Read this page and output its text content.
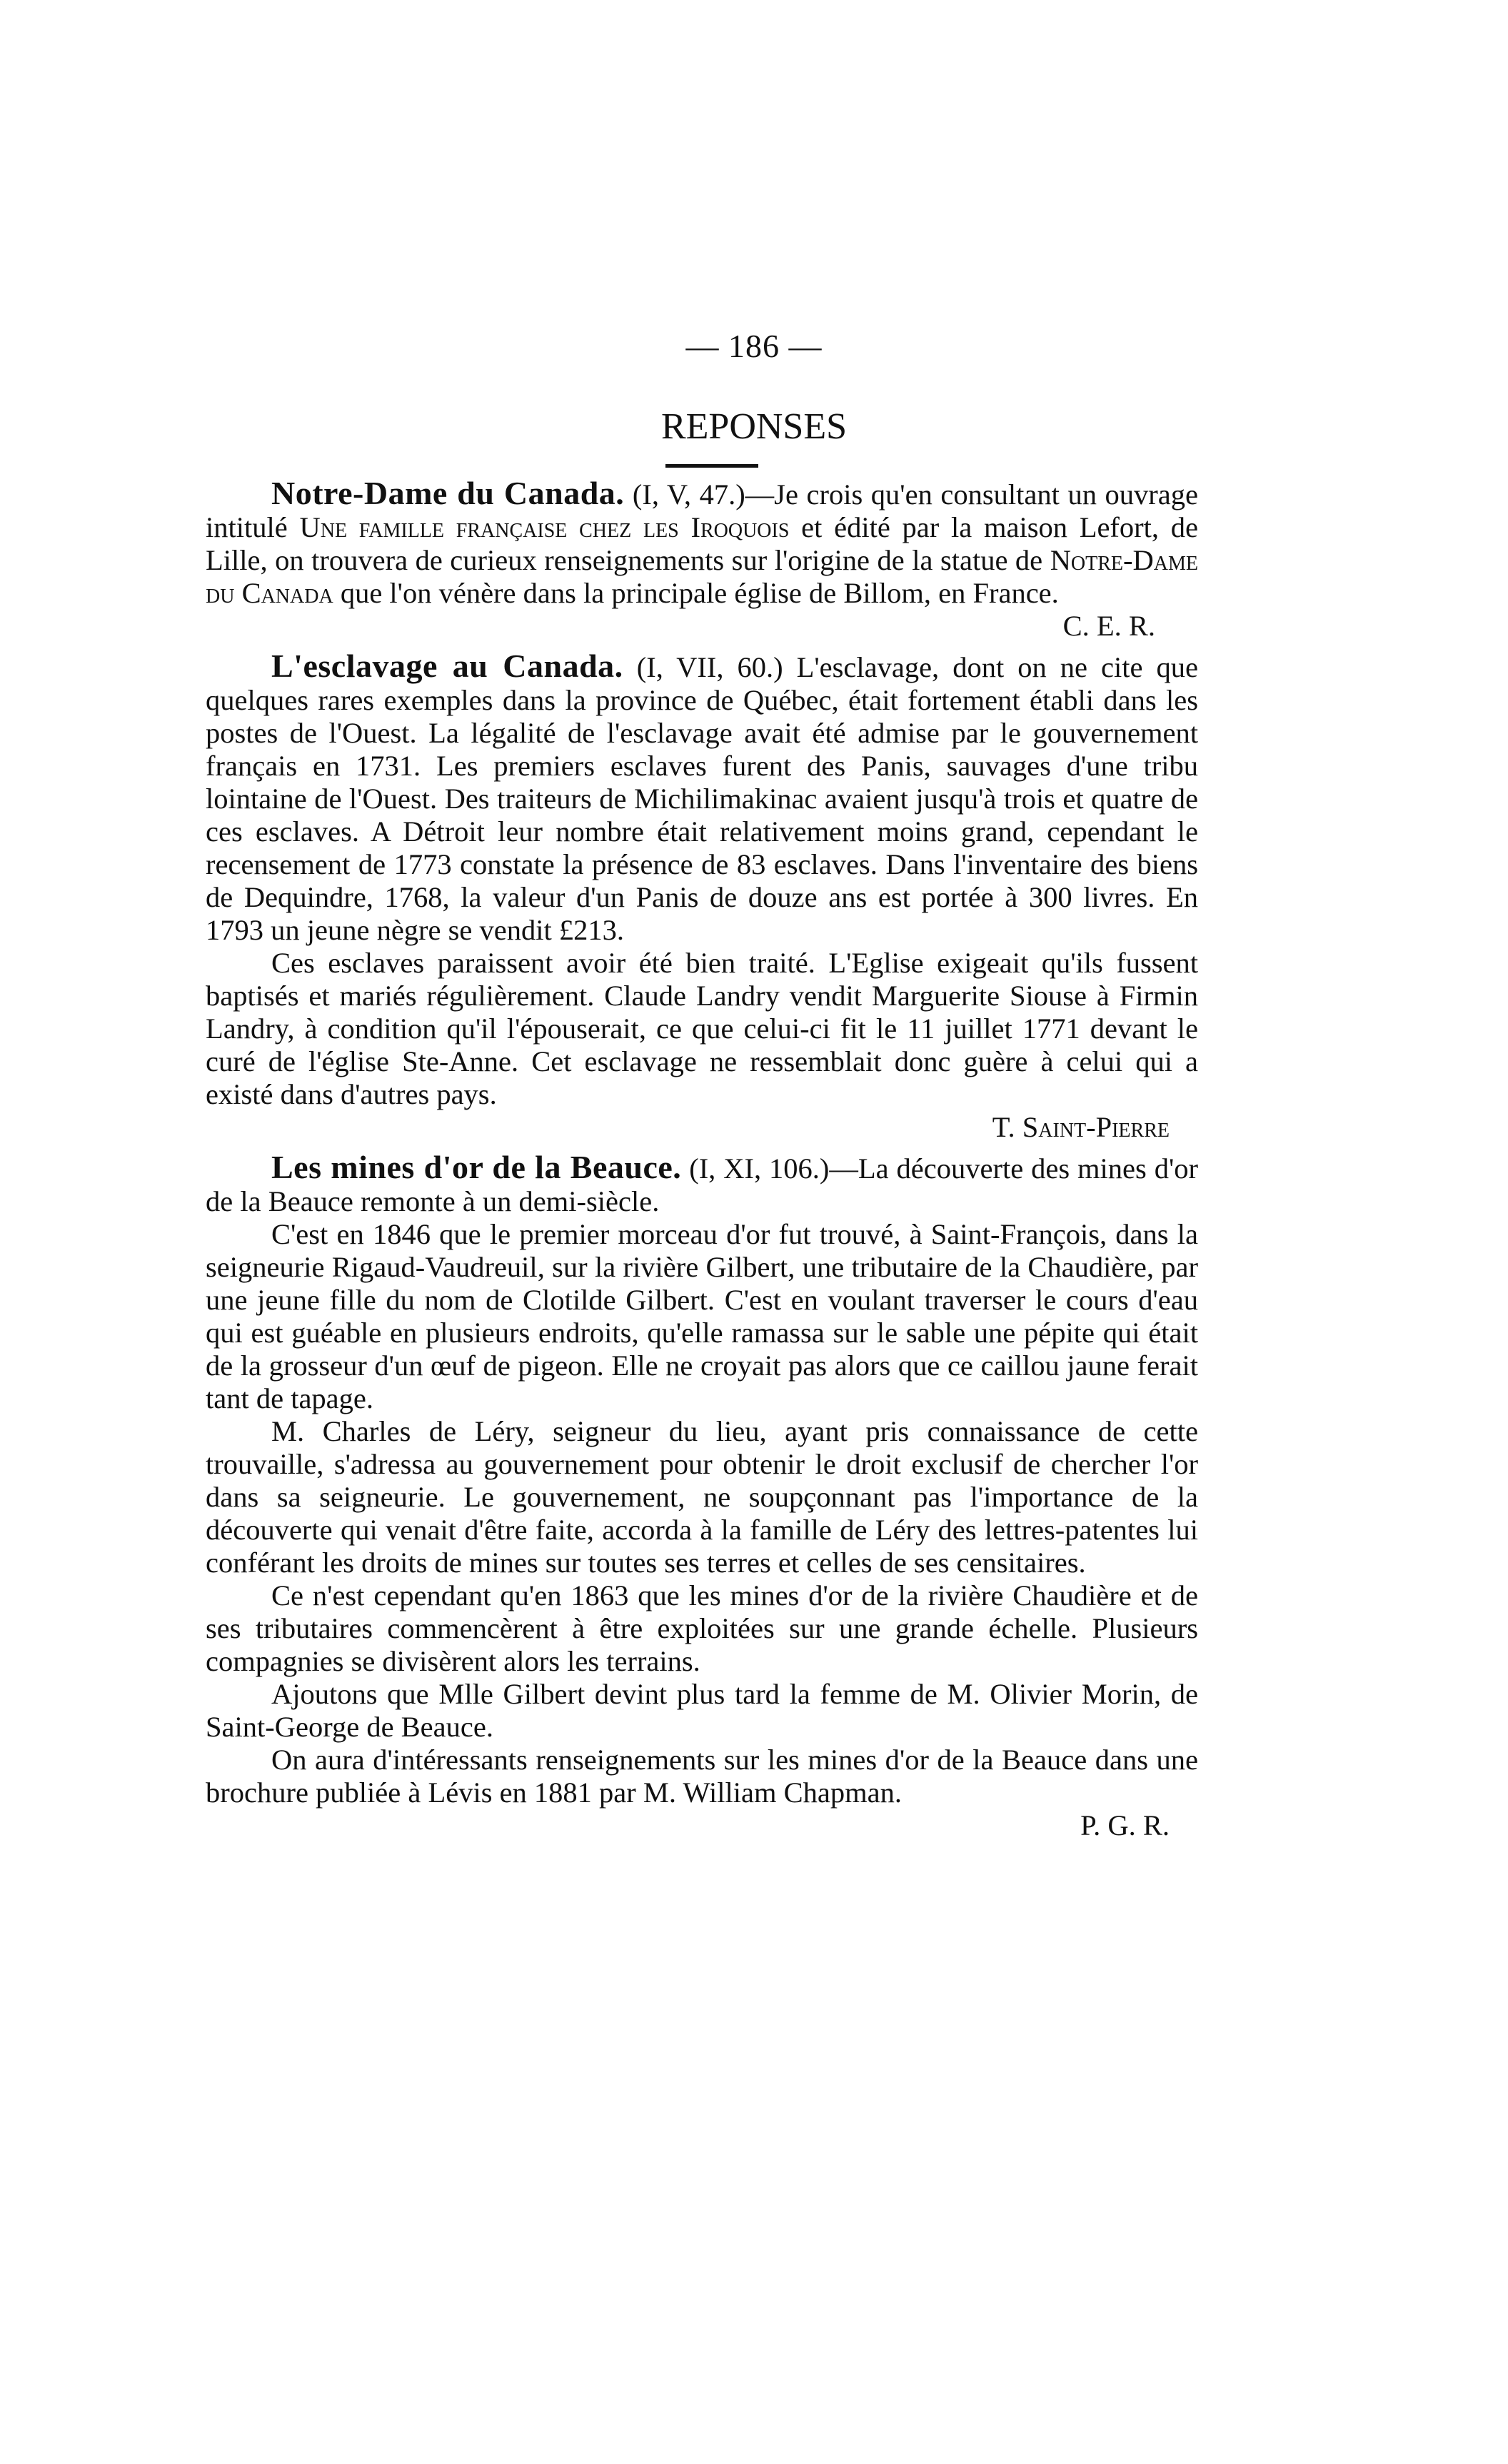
— 186 —
REPONSES

Notre-Dame du Canada. (I, V, 47.)—Je crois qu'en consultant un ouvrage intitulé Une famille française chez les Iroquois et édité par la maison Lefort, de Lille, on trouvera de curieux renseignements sur l'origine de la statue de Notre-Dame du Canada que l'on vénère dans la principale église de Billom, en France.

C. E. R.

L'esclavage au Canada. (I, VII, 60.) L'esclavage, dont on ne cite que quelques rares exemples dans la province de Québec, était fortement établi dans les postes de l'Ouest. La légalité de l'esclavage avait été admise par le gouvernement français en 1731. Les premiers esclaves furent des Panis, sauvages d'une tribu lointaine de l'Ouest. Des traiteurs de Michilimakinac avaient jusqu'à trois et quatre de ces esclaves. A Détroit leur nombre était relativement moins grand, cependant le recensement de 1773 constate la présence de 83 esclaves. Dans l'inventaire des biens de Dequindre, 1768, la valeur d'un Panis de douze ans est portée à 300 livres. En 1793 un jeune nègre se vendit £213.

Ces esclaves paraissent avoir été bien traité. L'Eglise exigeait qu'ils fussent baptisés et mariés régulièrement. Claude Landry vendit Marguerite Siouse à Firmin Landry, à condition qu'il l'épouserait, ce que celui-ci fit le 11 juillet 1771 devant le curé de l'église Ste-Anne. Cet esclavage ne ressemblait donc guère à celui qui a existé dans d'autres pays.

T. Saint-Pierre

Les mines d'or de la Beauce. (I, XI, 106.)—La découverte des mines d'or de la Beauce remonte à un demi-siècle.

C'est en 1846 que le premier morceau d'or fut trouvé, à Saint-François, dans la seigneurie Rigaud-Vaudreuil, sur la rivière Gilbert, une tributaire de la Chaudière, par une jeune fille du nom de Clotilde Gilbert. C'est en voulant traverser le cours d'eau qui est guéable en plusieurs endroits, qu'elle ramassa sur le sable une pépite qui était de la grosseur d'un œuf de pigeon. Elle ne croyait pas alors que ce caillou jaune ferait tant de tapage.

M. Charles de Léry, seigneur du lieu, ayant pris connaissance de cette trouvaille, s'adressa au gouvernement pour obtenir le droit exclusif de chercher l'or dans sa seigneurie. Le gouvernement, ne soupçonnant pas l'importance de la découverte qui venait d'être faite, accorda à la famille de Léry des lettres-patentes lui conférant les droits de mines sur toutes ses terres et celles de ses censitaires.

Ce n'est cependant qu'en 1863 que les mines d'or de la rivière Chaudière et de ses tributaires commencèrent à être exploitées sur une grande échelle. Plusieurs compagnies se divisèrent alors les terrains.

Ajoutons que Mlle Gilbert devint plus tard la femme de M. Olivier Morin, de Saint-George de Beauce.

On aura d'intéressants renseignements sur les mines d'or de la Beauce dans une brochure publiée à Lévis en 1881 par M. William Chapman.

P. G. R.
